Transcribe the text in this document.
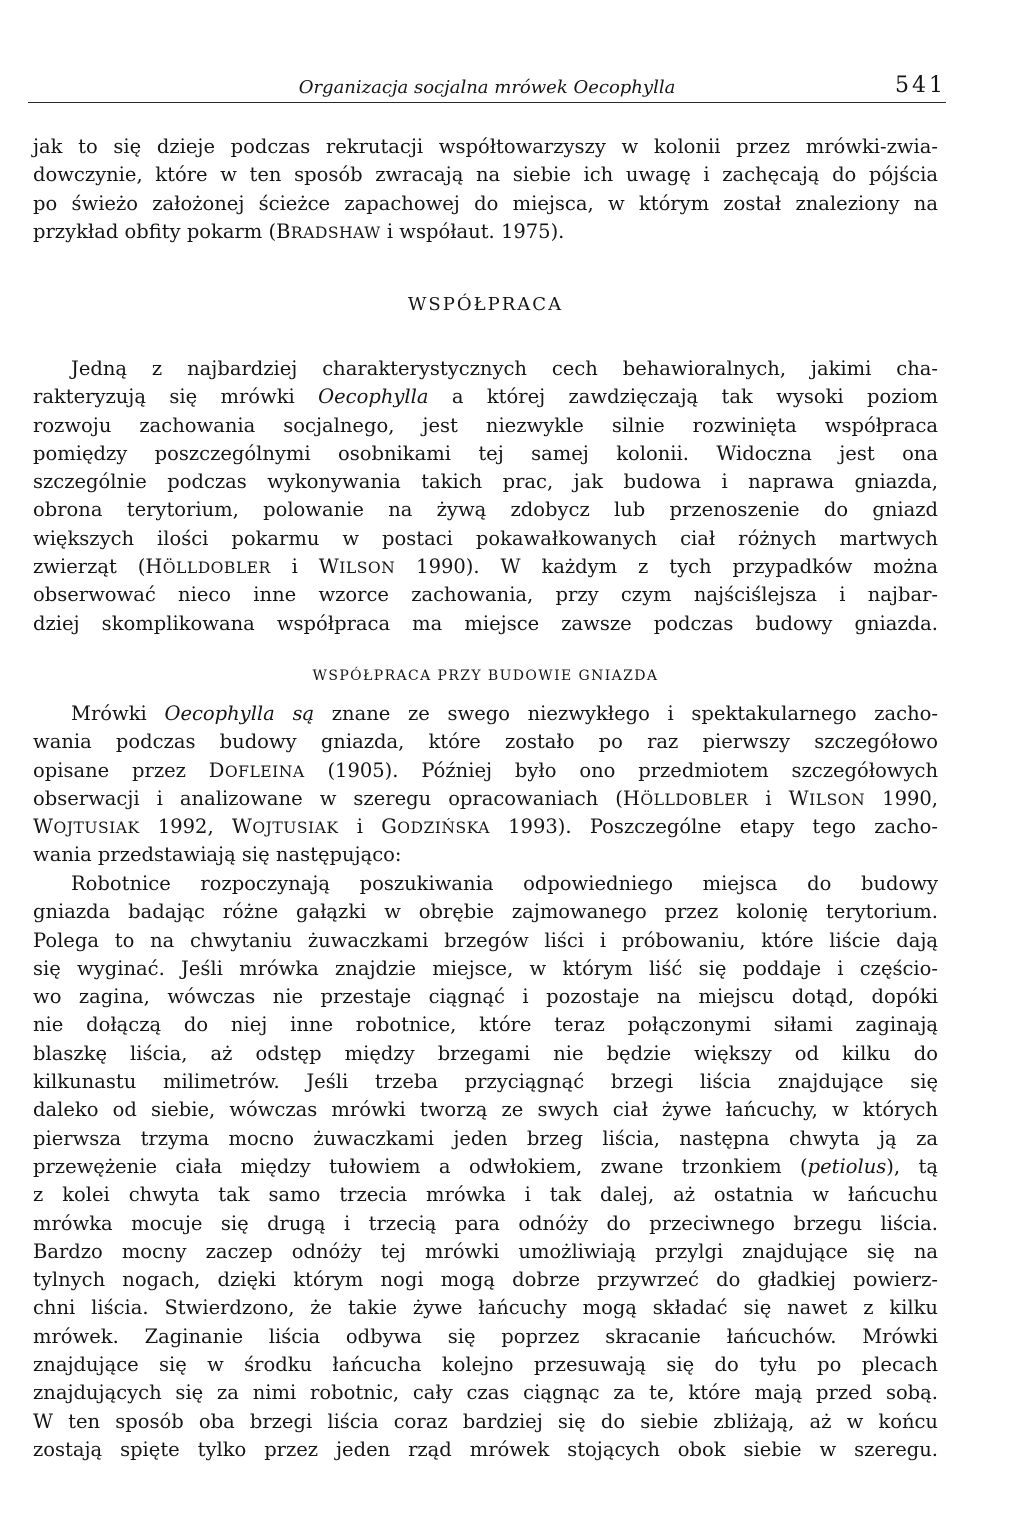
Organizacja socjalna mrówek Oecophylla	541
jak to się dzieje podczas rekrutacji współtowarzyszy w kolonii przez mrówki-zwia-
dowczynie, które w ten sposób zwracają na siebie ich uwagę i zachęcają do pójścia
po świeżo założonej ścieżce zapachowej do miejsca, w którym został znaleziony na
przykład obfity pokarm (BRADSHAW i współaut. 1975).
WSPÓŁPRACA
Jedną z najbardziej charakterystycznych cech behawioralnych, jakimi cha-
rakteryzują się mrówki Oecophylla a której zawdzięczają tak wysoki poziom
rozwoju zachowania socjalnego, jest niezwykle silnie rozwinięta współpraca
pomiędzy poszczególnymi osobnikami tej samej kolonii. Widoczna jest ona
szczególnie podczas wykonywania takich prac, jak budowa i naprawa gniazda,
obrona terytorium, polowanie na żywą zdobycz lub przenoszenie do gniazd
większych ilości pokarmu w postaci pokawałkowanych ciał różnych martwych
zwierząt (HÖLLDOBLER i WILSON 1990). W każdym z tych przypadków można
obserwować nieco inne wzorce zachowania, przy czym najściślejsza i najbar-
dziej skomplikowana współpraca ma miejsce zawsze podczas budowy gniazda.
WSPÓŁPRACA PRZY BUDOWIE GNIAZDA
Mrówki Oecophylla są znane ze swego niezwykłego i spektakularnego zacho-
wania podczas budowy gniazda, które zostało po raz pierwszy szczegółowo
opisane przez DOFLEINA (1905). Później było ono przedmiotem szczegółowych
obserwacji i analizowane w szeregu opracowaniach (HÖLLDOBLER i WILSON 1990,
WOJTUSIAK 1992, WOJTUSIAK i GODZIŃSKA 1993). Poszczególne etapy tego zacho-
wania przedstawiają się następująco:
Robotnice rozpoczynają poszukiwania odpowiedniego miejsca do budowy
gniazda badając różne gałązki w obrębie zajmowanego przez kolonię terytorium.
Polega to na chwytaniu żuwaczkami brzegów liści i próbowaniu, które liście dają
się wyginać. Jeśli mrówka znajdzie miejsce, w którym liść się poddaje i częścio-
wo zagina, wówczas nie przestaje ciągnąć i pozostaje na miejscu dotąd, dopóki
nie dołączą do niej inne robotnice, które teraz połączonymi siłami zaginają
blaszkę liścia, aż odstęp między brzegami nie będzie większy od kilku do
kilkunastu milimetrów. Jeśli trzeba przyciągnąć brzegi liścia znajdujące się
daleko od siebie, wówczas mrówki tworzą ze swych ciał żywe łańcuchy, w których
pierwsza trzyma mocno żuwaczkami jeden brzeg liścia, następna chwyta ją za
przewężenie ciała między tułowiem a odwłokiem, zwane trzonkiem (petiolus), tą
z kolei chwyta tak samo trzecia mrówka i tak dalej, aż ostatnia w łańcuchu
mrówka mocuje się drugą i trzecią para odnóży do przeciwnego brzegu liścia.
Bardzo mocny zaczep odnóży tej mrówki umożliwiają przylgi znajdujące się na
tylnych nogach, dzięki którym nogi mogą dobrze przywrzeć do gładkiej powierz-
chni liścia. Stwierdzono, że takie żywe łańcuchy mogą składać się nawet z kilku
mrówek. Zaginanie liścia odbywa się poprzez skracanie łańcuchów. Mrówki
znajdujące się w środku łańcucha kolejno przesuwają się do tyłu po plecach
znajdujących się za nimi robotnic, cały czas ciągnąc za te, które mają przed sobą.
W ten sposób oba brzegi liścia coraz bardziej się do siebie zbliżają, aż w końcu
zostają spięte tylko przez jeden rząd mrówek stojących obok siebie w szeregu.
